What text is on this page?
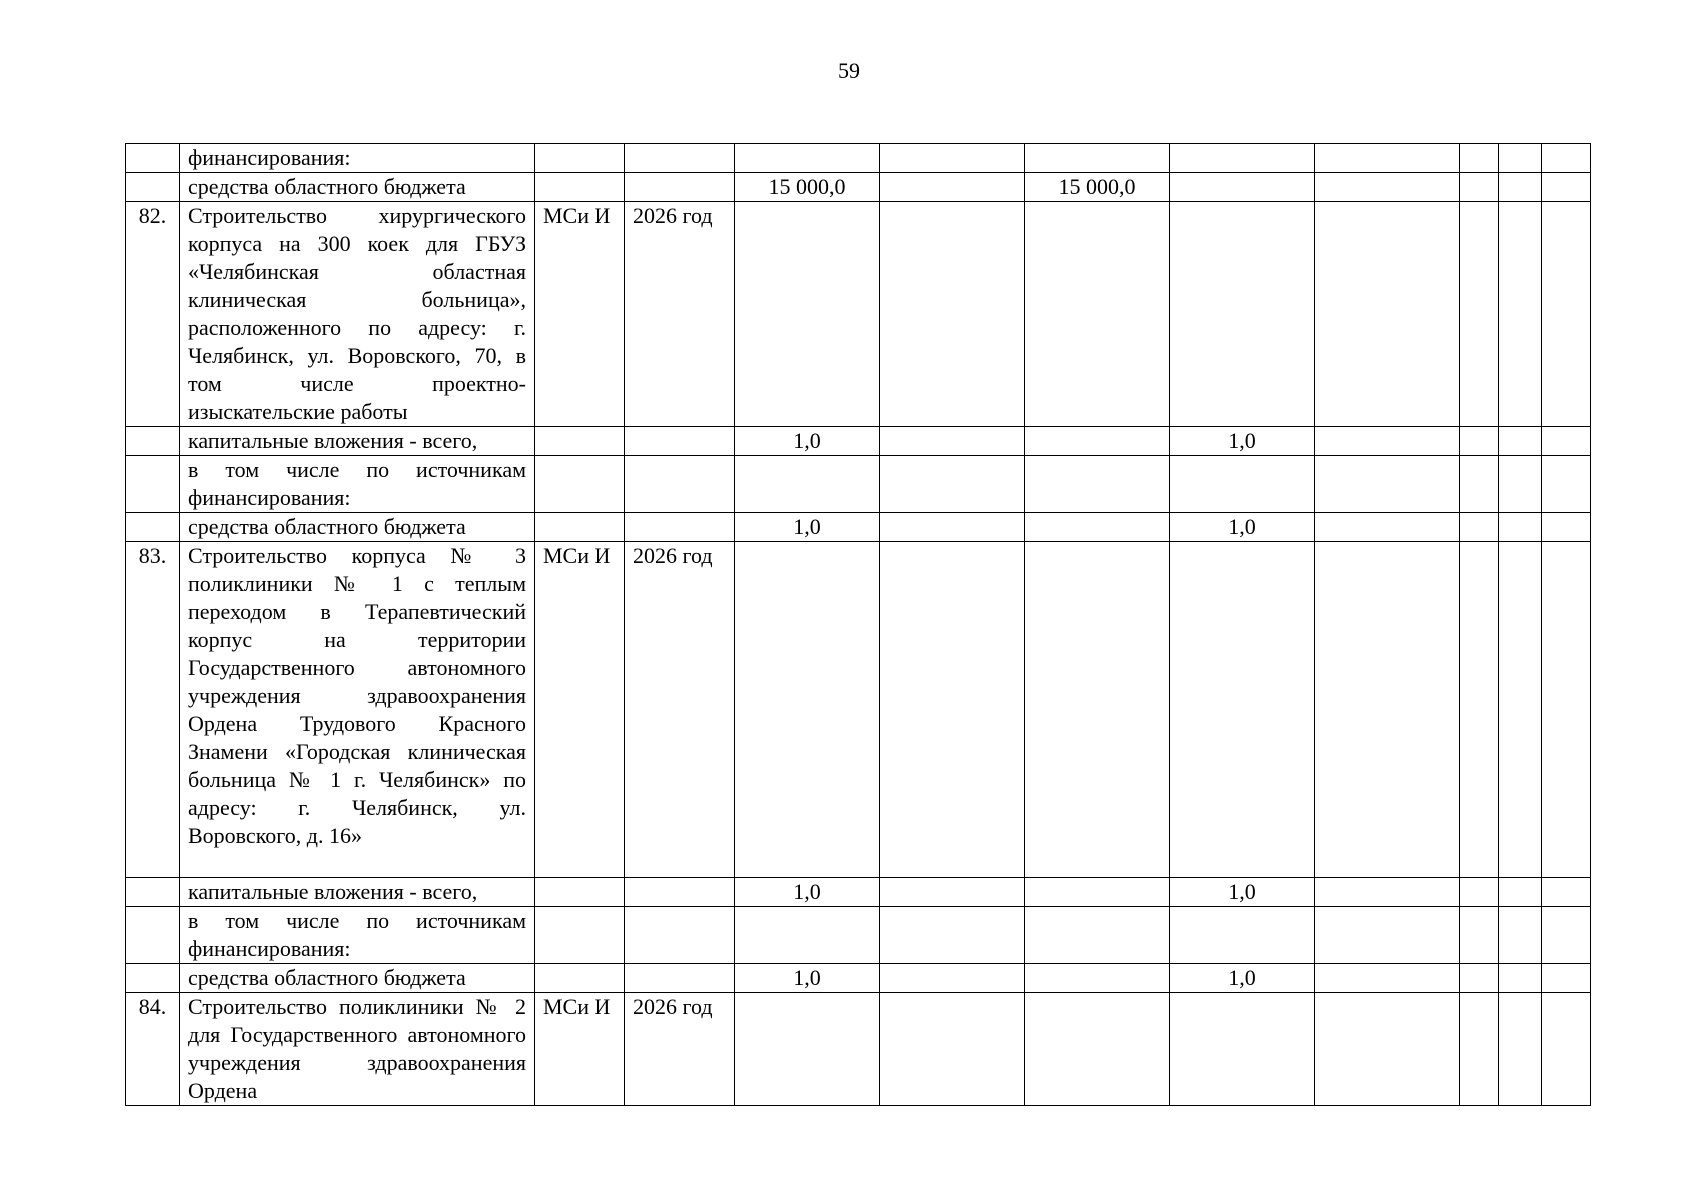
59
	финансирования:										
	средства областного бюджета			15 000,0		15 000,0					
82.	Строительство хирургического корпуса на 300 коек для ГБУЗ «Челябинская областная клиническая больница», расположенного по адресу: г. Челябинск, ул. Воровского, 70, в том числе проектно-изыскательские работы	МСи И	2026 год								
	капитальные вложения - всего,			1,0			1,0				
	в том числе по источникам финансирования:										
	средства областного бюджета			1,0			1,0				
83.	Строительство корпуса № 3 поликлиники № 1 с теплым переходом в Терапевтический корпус на территории Государственного автономного учреждения здравоохранения Ордена Трудового Красного Знамени «Городская клиническая больница № 1 г. Челябинск» по адресу: г. Челябинск, ул. Воровского, д. 16»	МСи И	2026 год								
	капитальные вложения - всего,			1,0			1,0				
	в том числе по источникам финансирования:										
	средства областного бюджета			1,0			1,0				
84.	Строительство поликлиники № 2 для Государственного автономного учреждения здравоохранения Ордена	МСи И	2026 год								
